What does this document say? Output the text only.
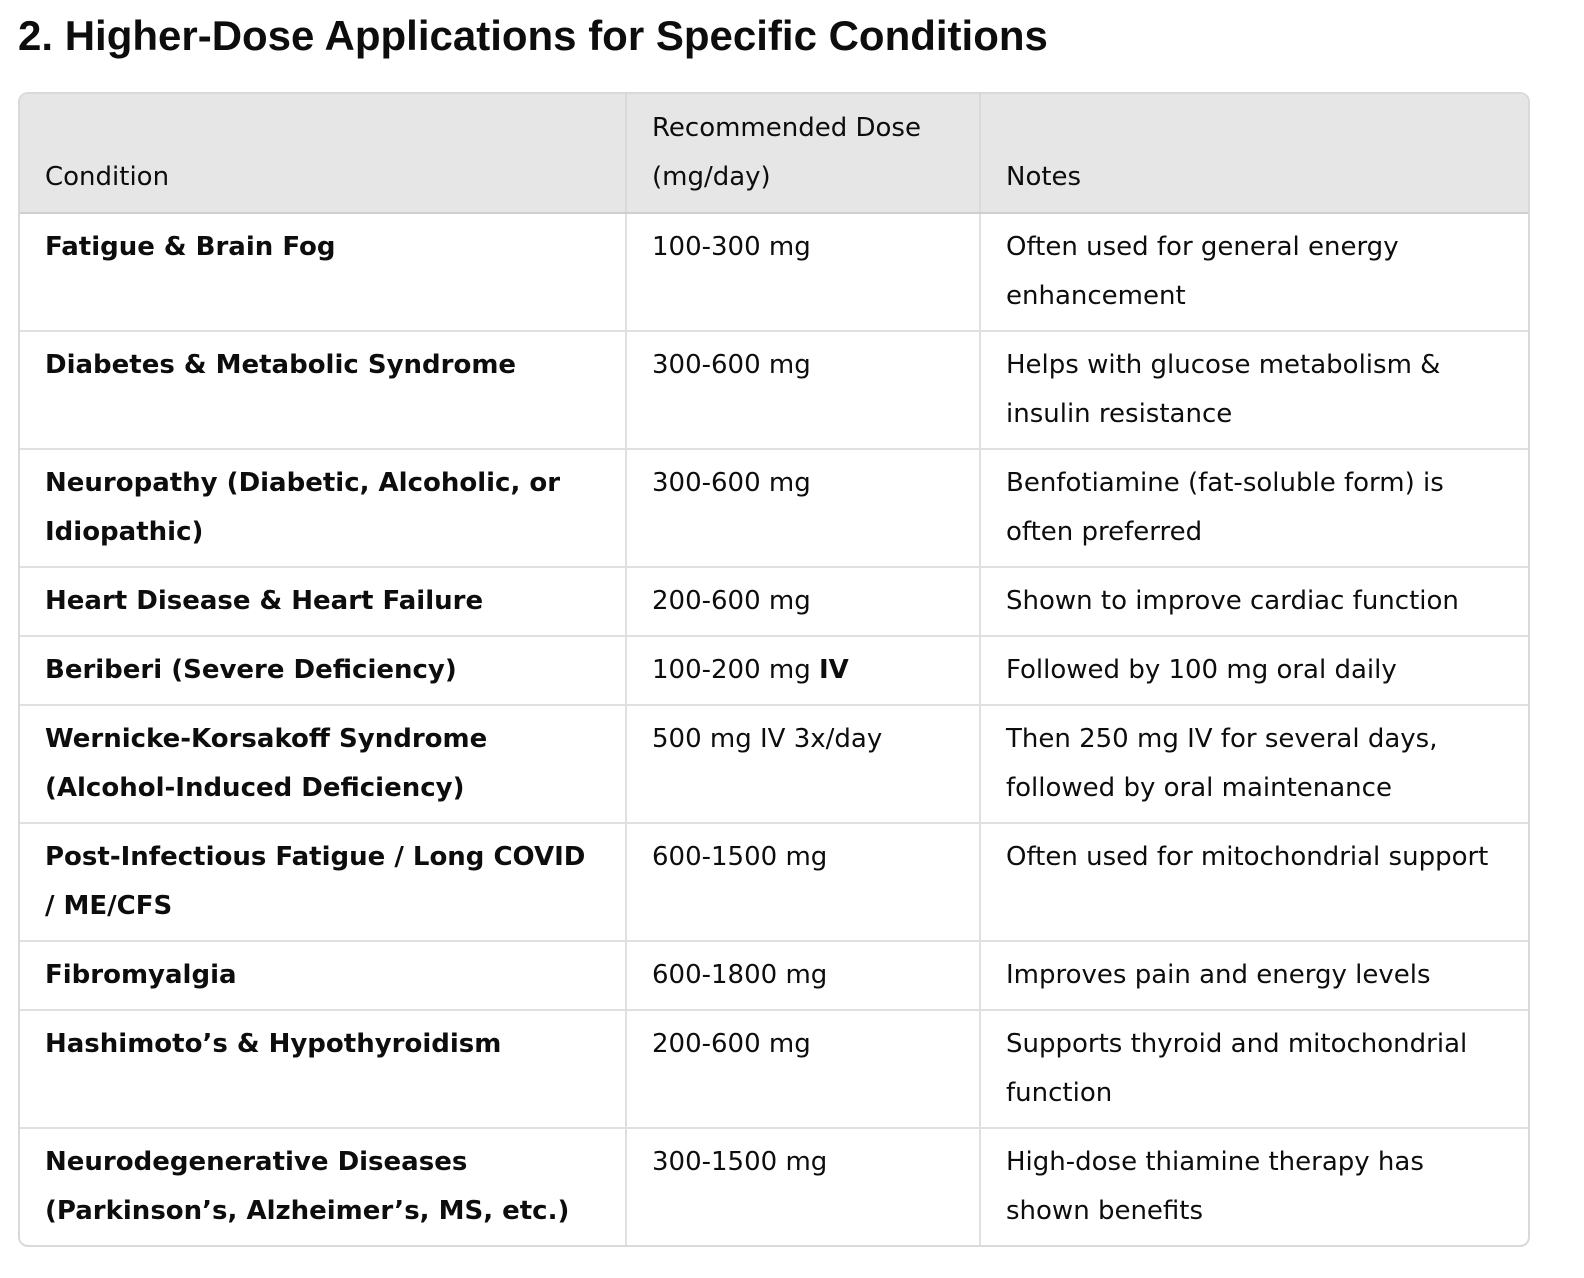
2. Higher-Dose Applications for Specific Conditions
Condition	Recommended Dose (mg/day)	Notes
Fatigue & Brain Fog	100-300 mg	Often used for general energy enhancement
Diabetes & Metabolic Syndrome	300-600 mg	Helps with glucose metabolism & insulin resistance
Neuropathy (Diabetic, Alcoholic, or Idiopathic)	300-600 mg	Benfotiamine (fat-soluble form) is often preferred
Heart Disease & Heart Failure	200-600 mg	Shown to improve cardiac function
Beriberi (Severe Deficiency)	100-200 mg IV	Followed by 100 mg oral daily
Wernicke-Korsakoff Syndrome (Alcohol-Induced Deficiency)	500 mg IV 3x/day	Then 250 mg IV for several days, followed by oral maintenance
Post-Infectious Fatigue / Long COVID / ME/CFS	600-1500 mg	Often used for mitochondrial support
Fibromyalgia	600-1800 mg	Improves pain and energy levels
Hashimoto’s & Hypothyroidism	200-600 mg	Supports thyroid and mitochondrial function
Neurodegenerative Diseases (Parkinson’s, Alzheimer’s, MS, etc.)	300-1500 mg	High-dose thiamine therapy has shown benefits
